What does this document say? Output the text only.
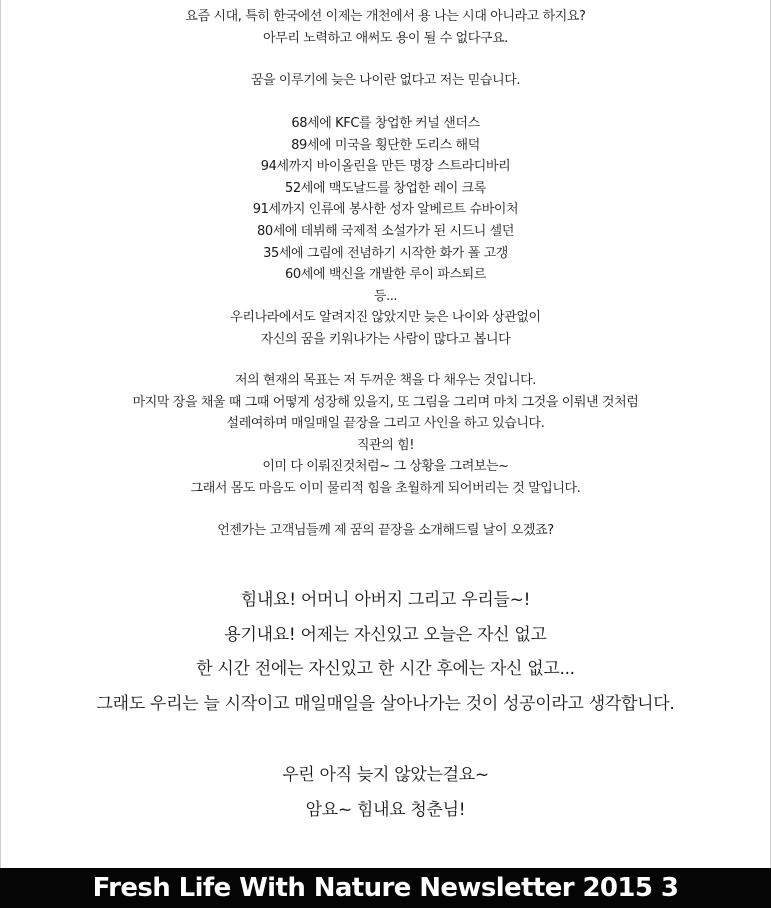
요즘 시대, 특히 한국에선 이제는 개천에서 용 나는 시대 아니라고 하지요?
아무리 노력하고 애써도 용이 될 수 없다구요.
꿈을 이루기에 늦은 나이란 없다고 저는 믿습니다.
68세에 KFC를 창업한 커널 샌더스
89세에 미국을 횡단한 도리스 해덕
94세까지 바이올린을 만든 명장 스트라디바리
52세에 맥도날드를 창업한 레이 크록
91세까지 인류에 봉사한 성자 알베르트 슈바이처
80세에 데뷔해 국제적 소설가가 된 시드니 셀던
35세에 그림에 전념하기 시작한 화가 폴 고갱
60세에 백신을 개발한 루이 파스퇴르
등...
우리나라에서도 알려지진 않았지만 늦은 나이와 상관없이
자신의 꿈을 키워나가는 사람이 많다고 봅니다
저의 현재의 목표는 저 두꺼운 책을 다 채우는 것입니다.
마지막 장을 채울 때 그때 어떻게 성장해 있을지, 또 그림을 그리며 마치 그것을 이뤄낸 것처럼
설레여하며 매일매일 끝장을 그리고 사인을 하고 있습니다.
직관의 힘!
이미 다 이뤄진것처럼~ 그 상황을 그려보는~
그래서 몸도 마음도 이미 물리적 힘을 초월하게 되어버리는 것 말입니다.
언젠가는 고객님들께 제 꿈의 끝장을 소개해드릴 날이 오겠죠?
힘내요! 어머니 아버지 그리고 우리들~!
용기내요! 어제는 자신있고 오늘은 자신 없고
한 시간 전에는 자신있고 한 시간 후에는 자신 없고...
그래도 우리는 늘 시작이고 매일매일을 살아나가는 것이 성공이라고 생각합니다.
우린 아직 늦지 않았는걸요~
암요~ 힘내요 청춘님!
Fresh Life With Nature Newsletter 2015 3
